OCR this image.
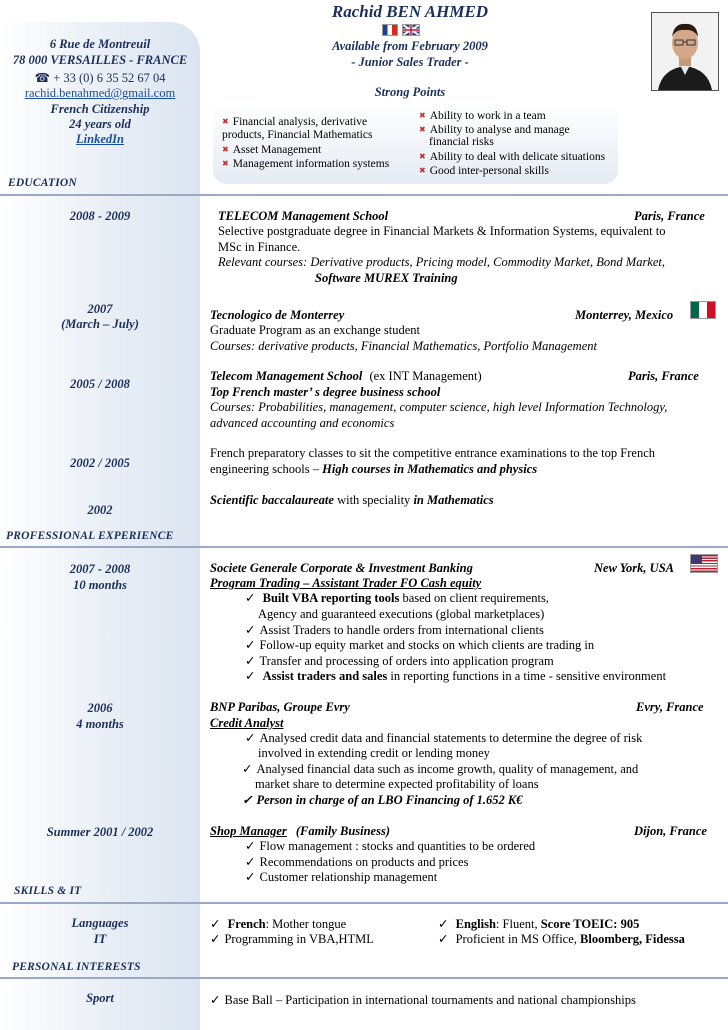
Rachid BEN AHMED
Available from February 2009
- Junior Sales Trader -
Strong Points
6 Rue de Montreuil
78 000 VERSAILLES - FRANCE
☎ + 33 (0) 6 35 52 67 04
rachid.benahmed@gmail.com
French Citizenship
24 years old
LinkedIn
✖ Financial analysis, derivative
products, Financial Mathematics
✖ Asset Management
✖ Management information systems
✖ Ability to work in a team
✖ Ability to analyse and manage
financial risks
✖ Ability to deal with delicate situations
✖ Good inter-personal skills
EDUCATION
2008 - 2009	TELECOM Management School	Paris, France
Selective postgraduate degree in Financial Markets & Information Systems, equivalent to
MSc in Finance.
Relevant courses: Derivative products, Pricing model, Commodity Market, Bond Market,
Software MUREX Training
2007
(March – July)
Tecnologico de Monterrey	Monterrey, Mexico
Graduate Program as an exchange student
Courses: derivative products, Financial Mathematics, Portfolio Management
2005 / 2008
Telecom Management School (ex INT Management)	Paris, France
Top French master’ s degree business school
Courses: Probabilities, management, computer science, high level Information Technology,
advanced accounting and economics
2002 / 2005
French preparatory classes to sit the competitive entrance examinations to the top French
engineering schools – High courses in Mathematics and physics
2002
Scientific baccalaureate with speciality in Mathematics
PROFESSIONAL EXPERIENCE
2007 - 2008
10 months
Societe Generale Corporate & Investment Banking	New York, USA
Program Trading – Assistant Trader FO Cash equity
✓ Built VBA reporting tools based on client requirements,
Agency and guaranteed executions (global marketplaces)
✓ Assist Traders to handle orders from international clients
✓ Follow-up equity market and stocks on which clients are trading in
✓ Transfer and processing of orders into application program
✓ Assist traders and sales in reporting functions in a time - sensitive environment
2006
4 months
BNP Paribas, Groupe Evry	Evry, France
Credit Analyst
✓ Analysed credit data and financial statements to determine the degree of risk
involved in extending credit or lending money
✓ Analysed financial data such as income growth, quality of management, and
market share to determine expected profitability of loans
✓ Person in charge of an LBO Financing of 1.652 K€
Summer 2001 / 2002	Shop Manager (Family Business)	Dijon, France
✓ Flow management : stocks and quantities to be ordered
✓ Recommendations on products and prices
✓ Customer relationship management
SKILLS & IT
Languages
IT
✓ French: Mother tongue
✓ Programming in VBA,HTML
✓ English: Fluent, Score TOEIC: 905
✓ Proficient in MS Office, Bloomberg, Fidessa
PERSONAL INTERESTS
Sport
✓	Base Ball – Participation in international tournaments and national championships
